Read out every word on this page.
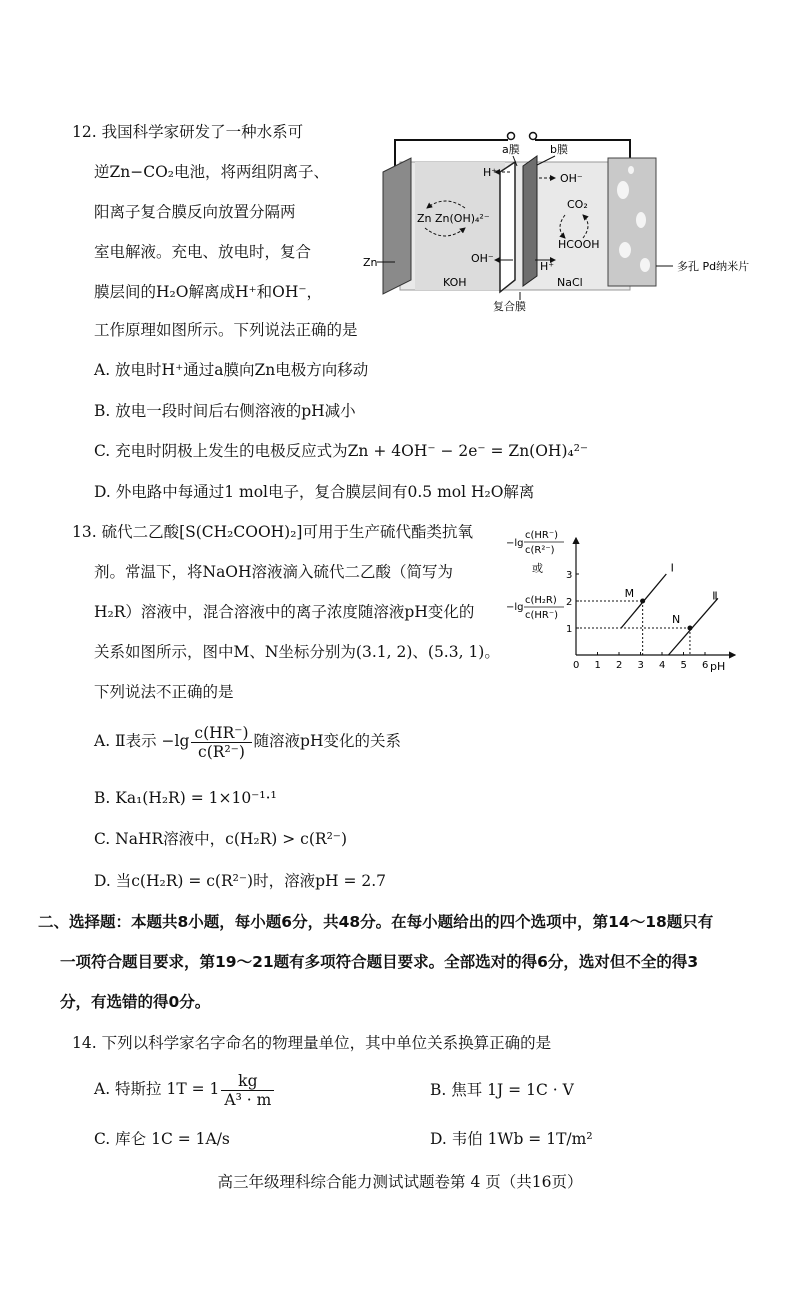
12. 我国科学家研发了一种水系可
逆Zn−CO₂电池，将两组阴离子、
阳离子复合膜反向放置分隔两
室电解液。充电、放电时，复合
膜层间的H₂O解离成H⁺和OH⁻，
工作原理如图所示。下列说法正确的是
a膜	b膜
H⁺	OH⁻
Zn Zn(OH)₄²⁻
CO₂
HCOOH
Zn	OH⁻
H⁺
KOH	NaCl
复合膜
多孔 Pd纳米片
A. 放电时H⁺通过a膜向Zn电极方向移动
B. 放电一段时间后右侧溶液的pH减小
C. 充电时阴极上发生的电极反应式为Zn + 4OH⁻ − 2e⁻ = Zn(OH)₄²⁻
D. 外电路中每通过1 mol电子，复合膜层间有0.5 mol H₂O解离
13. 硫代二乙酸[S(CH₂COOH)₂]可用于生产硫代酯类抗氧
剂。常温下，将NaOH溶液滴入硫代二乙酸（简写为
H₂R）溶液中，混合溶液中的离子浓度随溶液pH变化的
关系如图所示，图中M、N坐标分别为(3.1, 2)、(5.3, 1)。
下列说法不正确的是
−lg
c(HR⁻)
c(R²⁻)
或
−lg
c(H₂R)
c(HR⁻)
0 1 2 3 4 5 6
1
2
3
Ⅰ
Ⅱ
M
N
pH
A. Ⅱ表示 $-\lg \frac{c(HR^-)}{\text{c(R²⁻)}}$ 随溶液pH变化的关系
B. Ka₁(H₂R) = 1×10⁻¹·¹
C. NaHR溶液中，c(H₂R) > c(R²⁻)
D. 当c(H₂R) = c(R²⁻)时，溶液pH = 2.7
二、选择题：本题共8小题，每小题6分，共48分。在每小题给出的四个选项中，第14～18题只有
一项符合题目要求，第19～21题有多项符合题目要求。全部选对的得6分，选对但不全的得3
分，有选错的得0分。
14. 下列以科学家名字命名的物理量单位，其中单位关系换算正确的是
A. 特斯拉 $1T = 1 \frac{kg}{\text{A³ · m}}$	B. 焦耳 1J = 1C · V
C. 库仑 1C = 1A/s	D. 韦伯 1Wb = 1T/m²
高三年级理科综合能力测试试题卷第 4 页（共16页）
